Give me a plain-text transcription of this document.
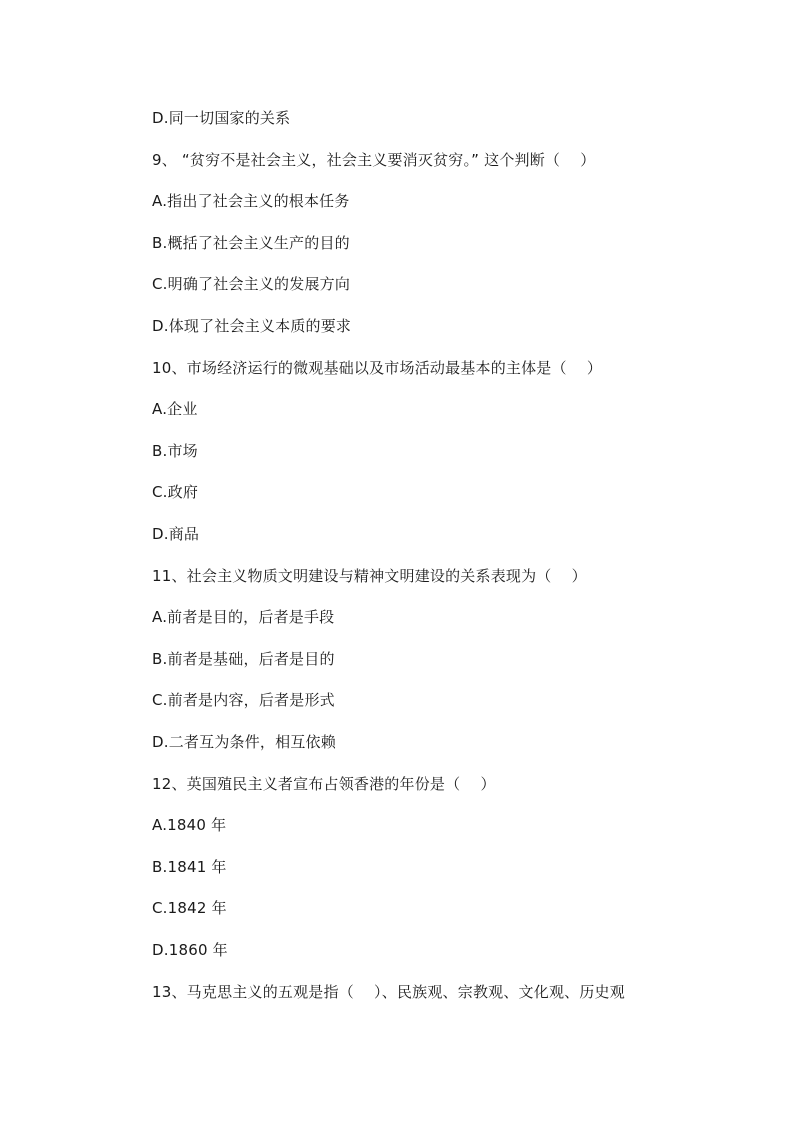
D.同一切国家的关系
9、 “贫穷不是社会主义，社会主义要消灭贫穷。” 这个判断（　 ）
A.指出了社会主义的根本任务
B.概括了社会主义生产的目的
C.明确了社会主义的发展方向
D.体现了社会主义本质的要求
10、市场经济运行的微观基础以及市场活动最基本的主体是（　 ）
A.企业
B.市场
C.政府
D.商品
11、社会主义物质文明建设与精神文明建设的关系表现为（　 ）
A.前者是目的，后者是手段
B.前者是基础，后者是目的
C.前者是内容，后者是形式
D.二者互为条件，相互依赖
12、英国殖民主义者宣布占领香港的年份是（　 ）
A.1840 年
B.1841 年
C.1842 年
D.1860 年
13、马克思主义的五观是指（　 ）、民族观、宗教观、文化观、历史观
